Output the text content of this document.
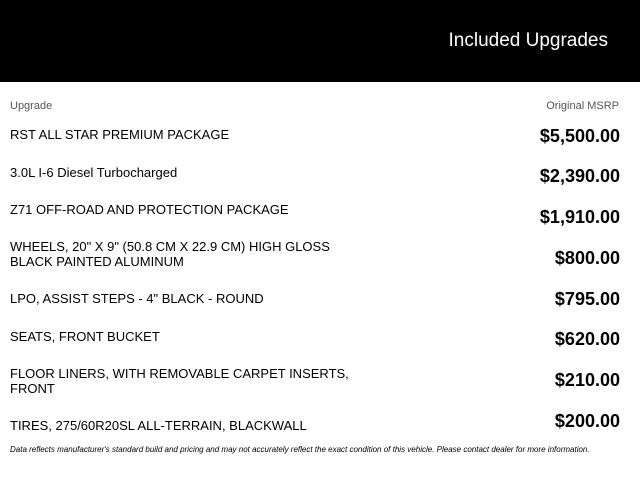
Included Upgrades
Upgrade	Original MSRP
RST ALL STAR PREMIUM PACKAGE	$5,500.00
3.0L I-6 Diesel Turbocharged	$2,390.00
Z71 OFF-ROAD AND PROTECTION PACKAGE	$1,910.00
WHEELS, 20" X 9" (50.8 CM X 22.9 CM) HIGH GLOSS BLACK PAINTED ALUMINUM	$800.00
LPO, ASSIST STEPS - 4" BLACK - ROUND	$795.00
SEATS, FRONT BUCKET	$620.00
FLOOR LINERS, WITH REMOVABLE CARPET INSERTS, FRONT	$210.00
TIRES, 275/60R20SL ALL-TERRAIN, BLACKWALL	$200.00
Data reflects manufacturer's standard build and pricing and may not accurately reflect the exact condition of this vehicle. Please contact dealer for more information.
